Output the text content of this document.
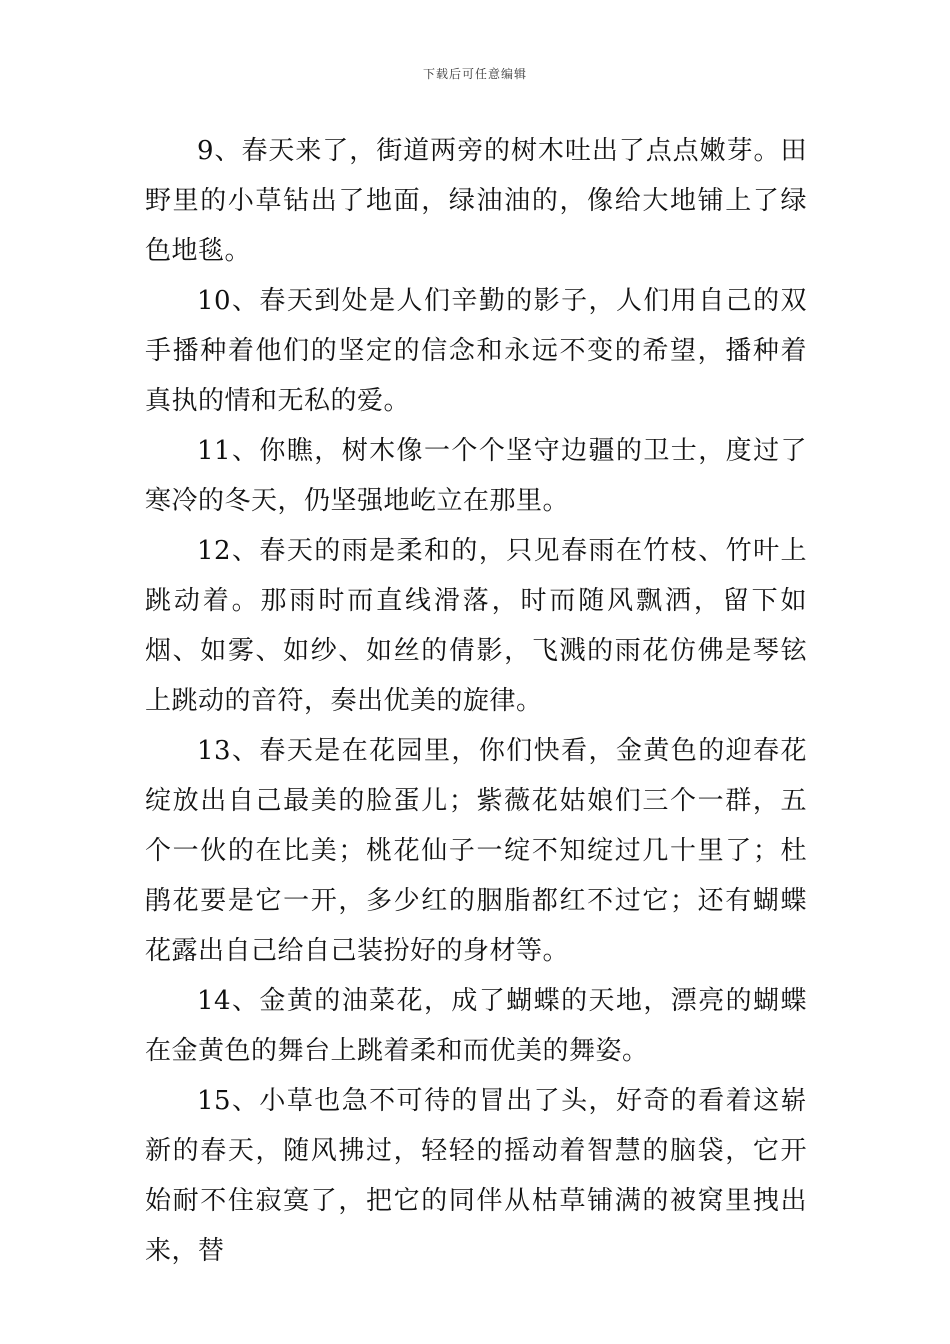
下载后可任意编辑

9、春天来了，街道两旁的树木吐出了点点嫩芽。田野里的小草钻出了地面，绿油油的，像给大地铺上了绿色地毯。

10、春天到处是人们辛勤的影子，人们用自己的双手播种着他们的坚定的信念和永远不变的希望，播种着真执的情和无私的爱。

11、你瞧，树木像一个个坚守边疆的卫士，度过了寒冷的冬天，仍坚强地屹立在那里。

12、春天的雨是柔和的，只见春雨在竹枝、竹叶上跳动着。那雨时而直线滑落，时而随风飘洒，留下如烟、如雾、如纱、如丝的倩影，飞溅的雨花仿佛是琴铉上跳动的音符，奏出优美的旋律。

13、春天是在花园里，你们快看，金黄色的迎春花绽放出自己最美的脸蛋儿；紫薇花姑娘们三个一群，五个一伙的在比美；桃花仙子一绽不知绽过几十里了；杜鹃花要是它一开，多少红的胭脂都红不过它；还有蝴蝶花露出自己给自己装扮好的身材等。

14、金黄的油菜花，成了蝴蝶的天地，漂亮的蝴蝶在金黄色的舞台上跳着柔和而优美的舞姿。

15、小草也急不可待的冒出了头，好奇的看着这崭新的春天，随风拂过，轻轻的摇动着智慧的脑袋，它开始耐不住寂寞了，把它的同伴从枯草铺满的被窝里拽出来，替
